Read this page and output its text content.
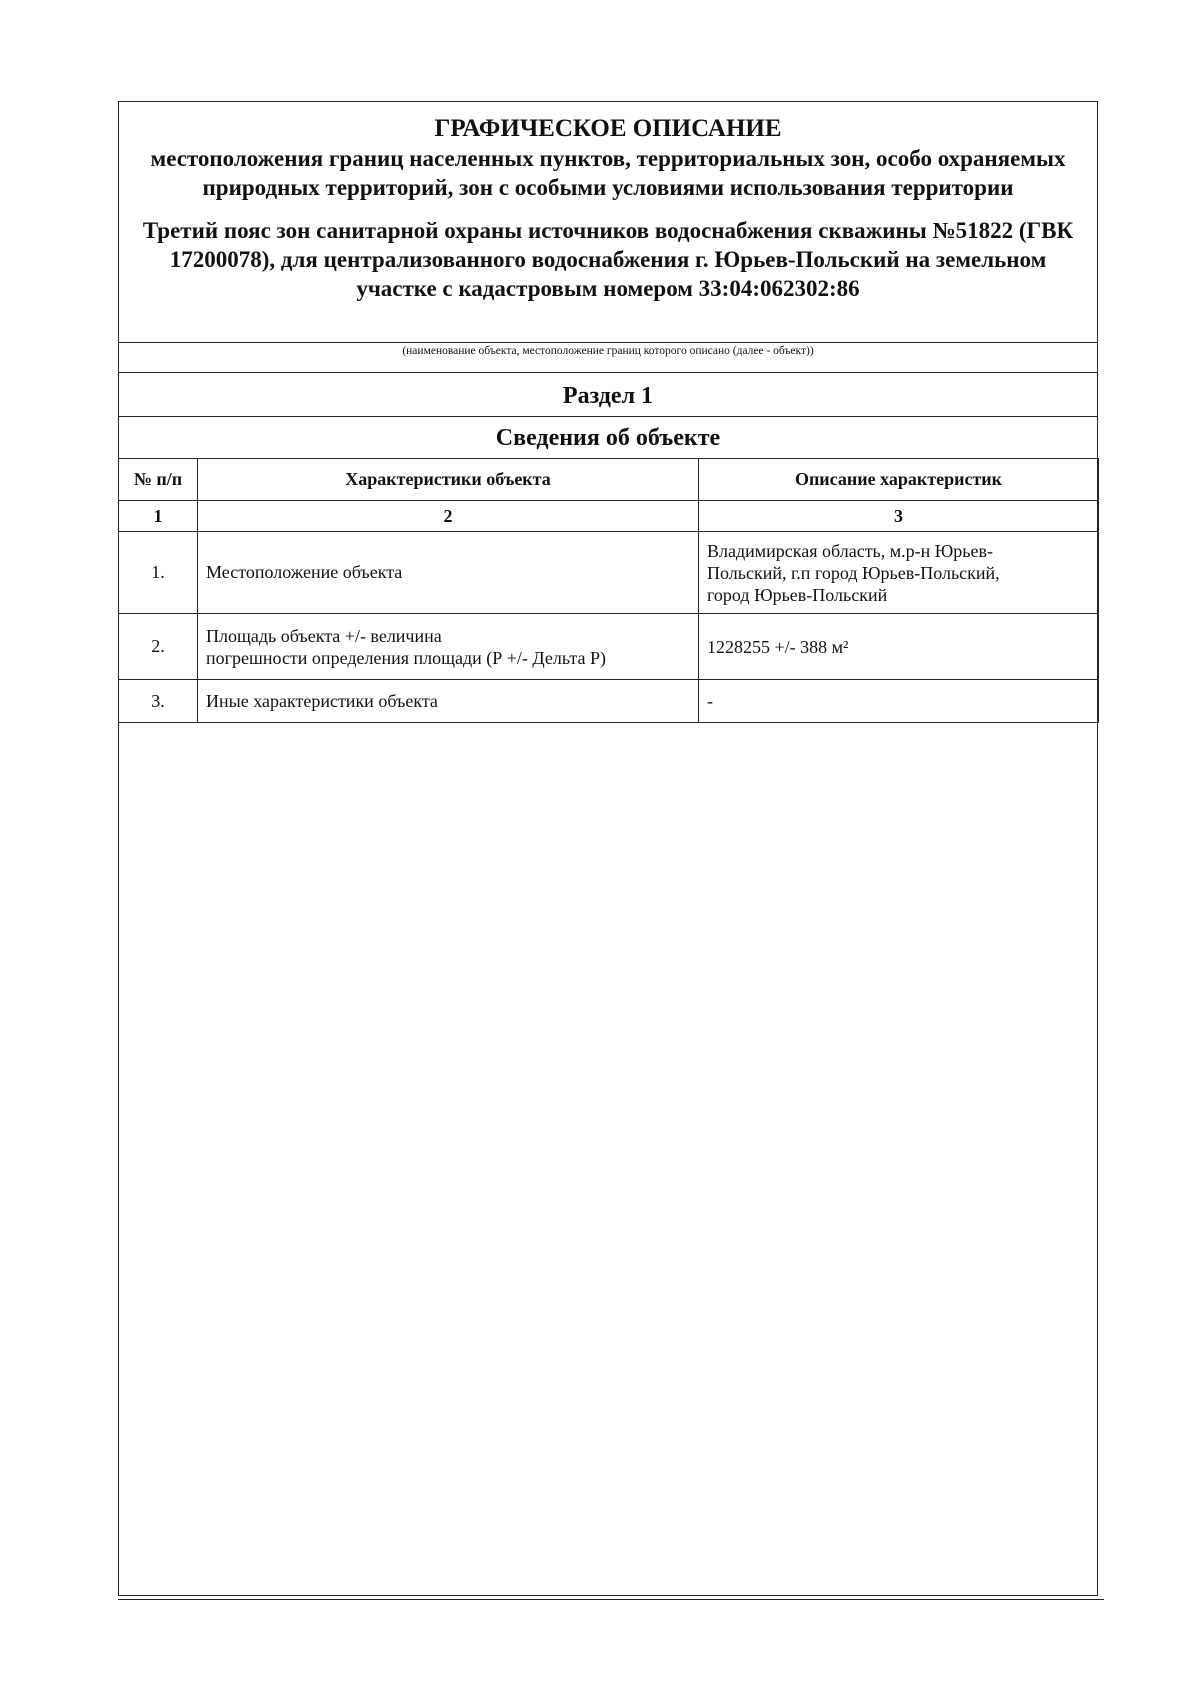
ГРАФИЧЕСКОЕ ОПИСАНИЕ
местоположения границ населенных пунктов, территориальных зон, особо охраняемых природных территорий, зон с особыми условиями использования территории
Третий пояс зон санитарной охраны источников водоснабжения скважины №51822 (ГВК 17200078), для централизованного водоснабжения г. Юрьев-Польский на земельном участке с кадастровым номером 33:04:062302:86
(наименование объекта, местоположение границ которого описано (далее - объект))
Раздел 1
Сведения об объекте
№ п/п	Характеристики объекта	Описание характеристик
1	2	3
1.	Местоположение объекта	Владимирская область, м.р-н Юрьев-
Польский, г.п город Юрьев-Польский,
город Юрьев-Польский
2.	Площадь объекта +/- величина
погрешности определения площади (Р +/- Дельта Р)	1228255 +/- 388 м²
3.	Иные характеристики объекта	-
